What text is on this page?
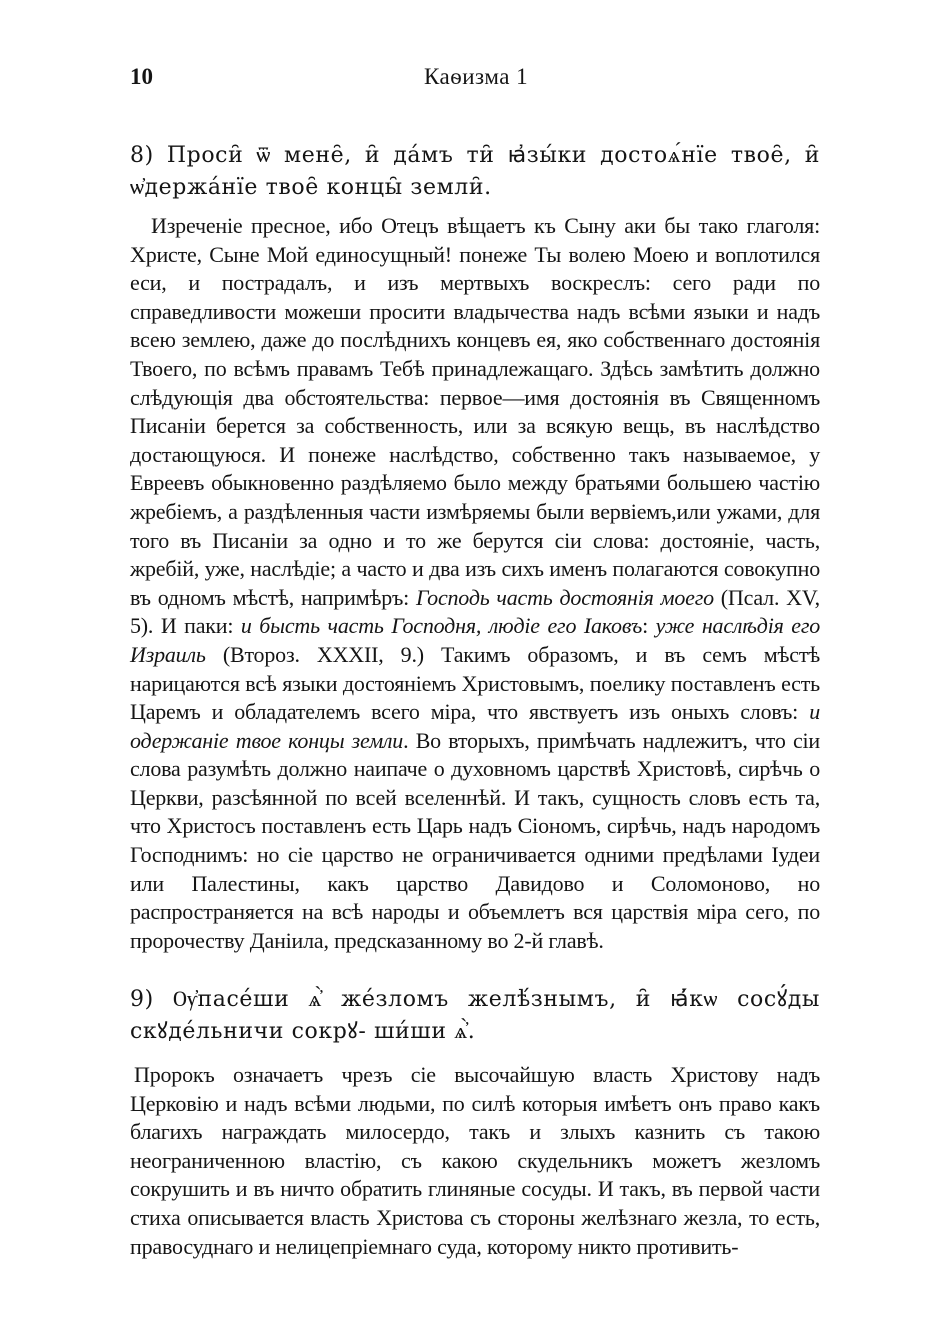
10	Каѳизма 1

8) Проси̑ ѿ мене̑, и̑ да́мъ ти̑ ꙗ҆зы́ки достоѧ́нїе твое̑, и̑ ѡ҆держа́нїе твое̑ концы̑ земли̑.

Изреченіе пресное, ибо Отецъ вѣщаетъ къ Сыну аки бы тако глаголя: Христе, Сыне Мой единосущный! понеже Ты волею Моею и воплотился еси, и пострадалъ, и изъ мертвыхъ воскреслъ: сего ради по справедливости можеши просити владычества надъ всѣми языки и надъ всею землею, даже до послѣднихъ концевъ ея, яко собственнаго достоянія Твоего, по всѣмъ правамъ Тебѣ принадлежащаго. Здѣсь замѣтить должно слѣдующія два обстоятельства: первое—имя достоянія въ Священномъ Писаніи берется за собственность, или за всякую вещь, въ наслѣдство достающуюся. И понеже наслѣдство, собственно такъ называемое, у Евреевъ обыкновенно раздѣляемо было между братьями большею частію жребіемъ, а раздѣленныя части измѣряемы были вервіемъ,или ужами, для того въ Писаніи за одно и то же берутся сіи слова: достояніе, часть, жребій, уже, наслѣдіе; а часто и два изъ сихъ именъ полагаются совокупно въ одномъ мѣстѣ, напримѣръ: Господь часть достоянія моего (Псал. XV, 5). И паки: и бысть часть Господня, людіе его Іаковъ: уже наслѣдія его Израиль (Второз. XXXII, 9.) Такимъ образомъ, и въ семъ мѣстѣ нарицаются всѣ языки достояніемъ Христовымъ, поелику поставленъ есть Царемъ и обладателемъ всего міра, что явствуетъ изъ оныхъ словъ: и одержаніе твое концы земли. Во вторыхъ, примѣчать надлежитъ, что сіи слова разумѣть должно наипаче о духовномъ царствѣ Христовѣ, сирѣчь о Церкви, разсѣянной по всей вселеннѣй. И такъ, сущность словъ есть та, что Христосъ поставленъ есть Царь надъ Сіономъ, сирѣчь, надъ народомъ Господнимъ: но сіе царство не ограничивается одними предѣлами Іудеи или Палестины, какъ царство Давидово и Соломоново, но распространяется на всѣ народы и объемлетъ вся царствія міра сего, по пророчеству Даніила, предсказанному во 2-й главѣ.

9) Ѹ҆пасе́ши ѧ҆̀ же́зломъ желѣ́знымъ, и̑ ꙗ҆́кѡ сосꙋ́ды скꙋде́льничи сокрꙋ- ши́ши ѧ҆̀.

Пророкъ означаетъ чрезъ сіе высочайшую власть Христову надъ Церковію и надъ всѣми людьми, по силѣ которыя имѣетъ онъ право какъ благихъ награждать милосердо, такъ и злыхъ казнить съ такою неограниченною властію, съ какою скудельникъ можетъ жезломъ сокрушить и въ ничто обратить глиняные сосуды. И такъ, въ первой части стиха описывается власть Христова съ стороны желѣзнаго жезла, то есть, правосуднаго и нелицепріемнаго суда, которому никто противить-
